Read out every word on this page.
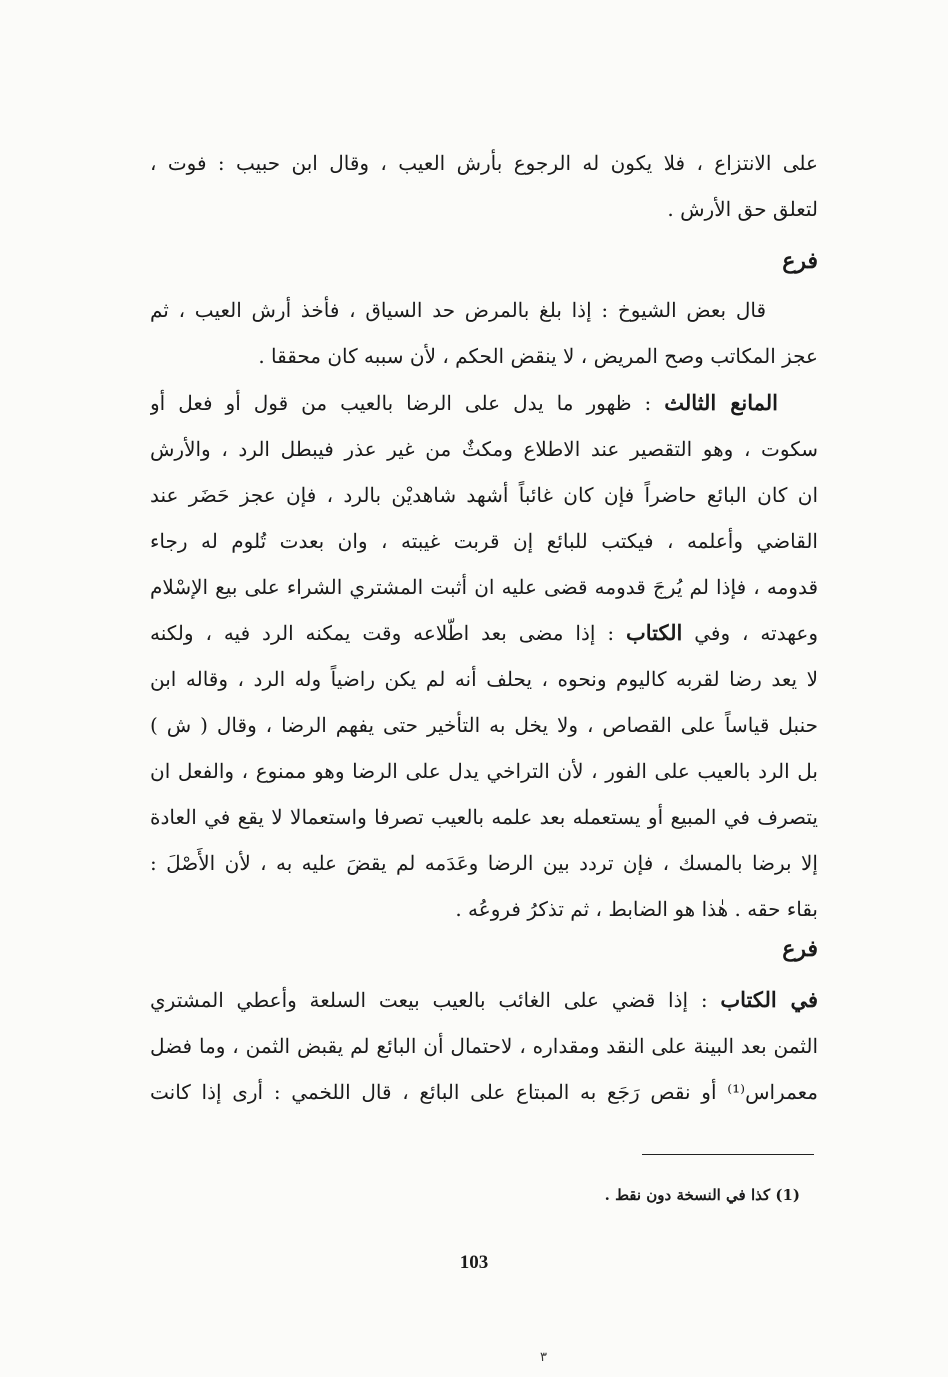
على الانتزاع ، فلا يكون له الرجوع بأرش العيب ، وقال ابن حبيب : فوت ،
لتعلق حق الأرش .
فرع
قال بعض الشيوخ : إذا بلغ بالمرض حد السياق ، فأخذ أرش العيب ، ثم
عجز المكاتب وصح المريض ، لا ينقض الحكم ، لأن سببه كان محققا .
المانع الثالث : ظهور ما يدل على الرضا بالعيب من قول أو فعل أو
سكوت ، وهو التقصير عند الاطلاع ومكثٌ من غير عذر فيبطل الرد ، والأرش
ان كان البائع حاضراً فإن كان غائباً أشهد شاهديْن بالرد ، فإن عجز حَضَر عند
القاضي وأعلمه ، فيكتب للبائع إن قربت غيبته ، وان بعدت تُلوم له رجاء
قدومه ، فإذا لم يُرجَ قدومه قضى عليه ان أثبت المشتري الشراء على بيع الإسْلام
وعهدته ، وفي الكتاب : إذا مضى بعد اطّلاعه وقت يمكنه الرد فيه ، ولكنه
لا يعد رضا لقربه كاليوم ونحوه ، يحلف أنه لم يكن راضياً وله الرد ، وقاله ابن
حنبل قياساً على القصاص ، ولا يخل به التأخير حتى يفهم الرضا ، وقال ( ش )
بل الرد بالعيب على الفور ، لأن التراخي يدل على الرضا وهو ممنوع ، والفعل ان
يتصرف في المبيع أو يستعمله بعد علمه بالعيب تصرفا واستعمالا لا يقع في العادة
إلا برضا بالمسك ، فإن تردد بين الرضا وعَدَمه لم يقضَ عليه به ، لأن الأَصْلَ :
بقاء حقه . هٰذا هو الضابط ، ثم تذكرُ فروعُه .
فرع
في الكتاب : إذا قضي على الغائب بالعيب بيعت السلعة وأعطي المشتري
الثمن بعد البينة على النقد ومقداره ، لاحتمال أن البائع لم يقبض الثمن ، وما فضل
معمراس⁽¹⁾ أو نقص رَجَع به المبتاع على البائع ، قال اللخمي : أرى إذا كانت
(1) كذا في النسخة دون نقط .
103
٣
